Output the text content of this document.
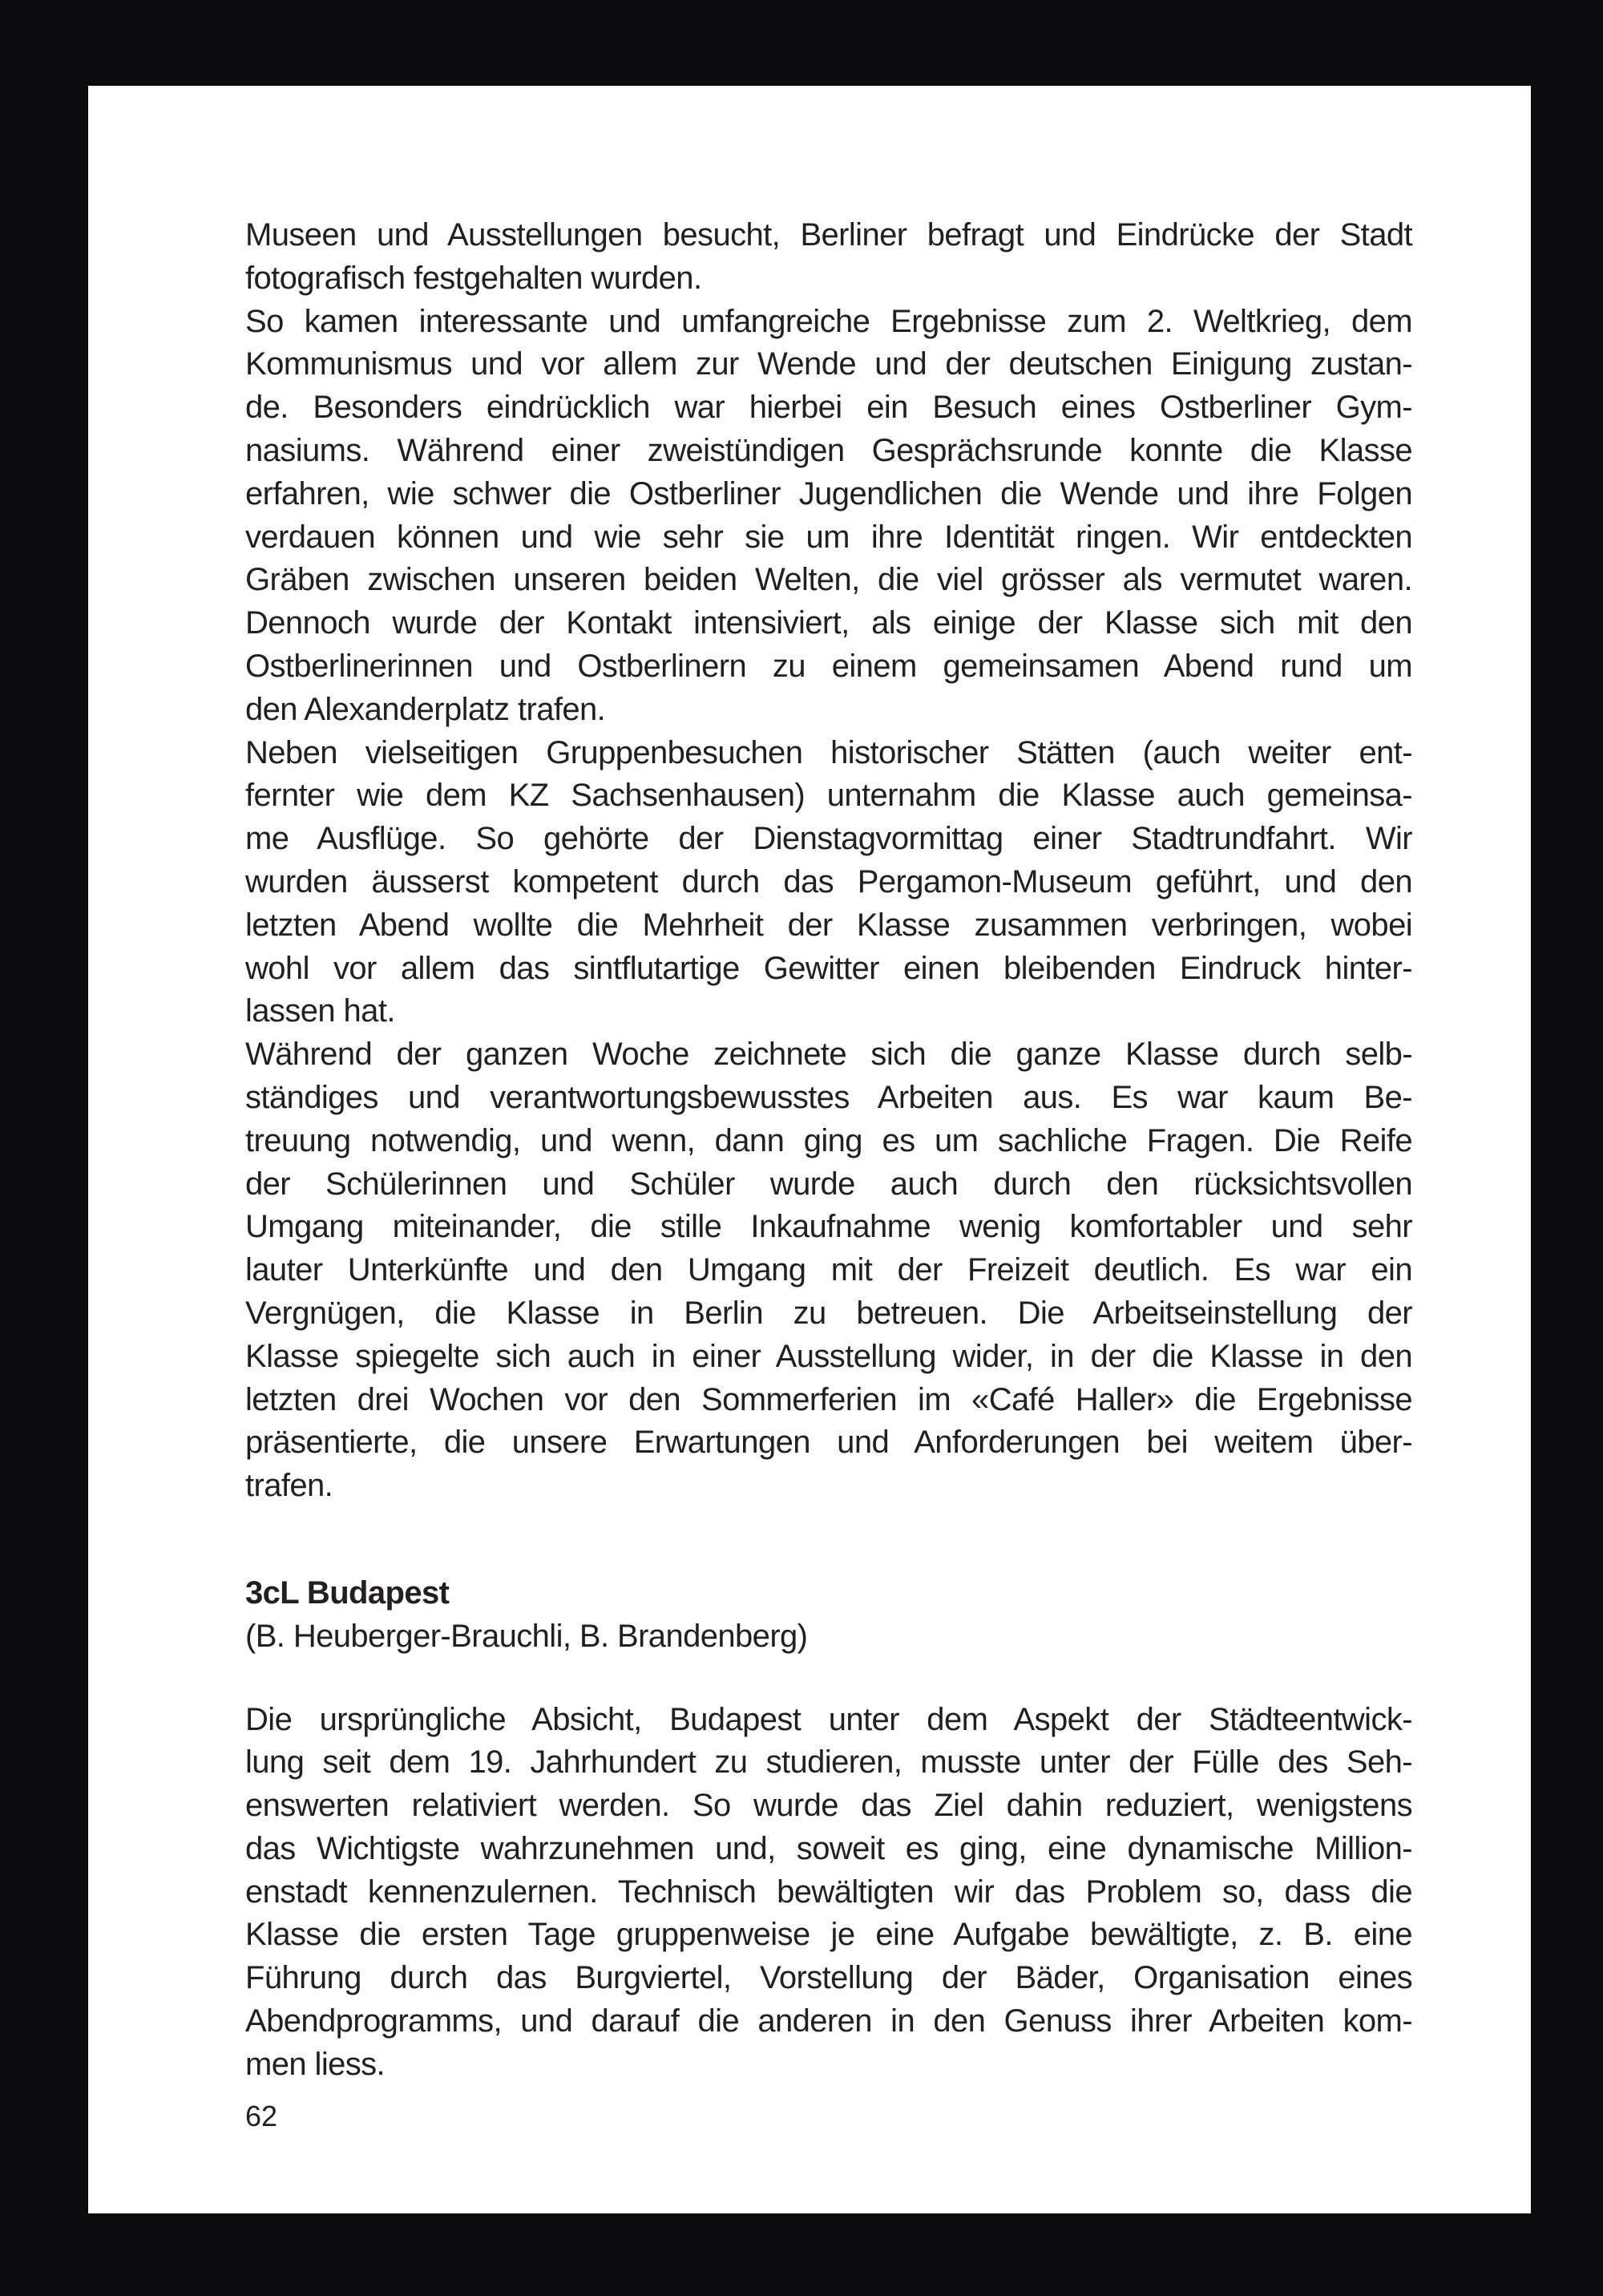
Museen und Ausstellungen besucht, Berliner befragt und Eindrücke der Stadt
fotografisch festgehalten wurden.
So kamen interessante und umfangreiche Ergebnisse zum 2. Weltkrieg, dem
Kommunismus und vor allem zur Wende und der deutschen Einigung zustan-
de. Besonders eindrücklich war hierbei ein Besuch eines Ostberliner Gym-
nasiums. Während einer zweistündigen Gesprächsrunde konnte die Klasse
erfahren, wie schwer die Ostberliner Jugendlichen die Wende und ihre Folgen
verdauen können und wie sehr sie um ihre Identität ringen. Wir entdeckten
Gräben zwischen unseren beiden Welten, die viel grösser als vermutet waren.
Dennoch wurde der Kontakt intensiviert, als einige der Klasse sich mit den
Ostberlinerinnen und Ostberlinern zu einem gemeinsamen Abend rund um
den Alexanderplatz trafen.
Neben vielseitigen Gruppenbesuchen historischer Stätten (auch weiter ent-
fernter wie dem KZ Sachsenhausen) unternahm die Klasse auch gemeinsa-
me Ausflüge. So gehörte der Dienstagvormittag einer Stadtrundfahrt. Wir
wurden äusserst kompetent durch das Pergamon-Museum geführt, und den
letzten Abend wollte die Mehrheit der Klasse zusammen verbringen, wobei
wohl vor allem das sintflutartige Gewitter einen bleibenden Eindruck hinter-
lassen hat.
Während der ganzen Woche zeichnete sich die ganze Klasse durch selb-
ständiges und verantwortungsbewusstes Arbeiten aus. Es war kaum Be-
treuung notwendig, und wenn, dann ging es um sachliche Fragen. Die Reife
der Schülerinnen und Schüler wurde auch durch den rücksichtsvollen
Umgang miteinander, die stille Inkaufnahme wenig komfortabler und sehr
lauter Unterkünfte und den Umgang mit der Freizeit deutlich. Es war ein
Vergnügen, die Klasse in Berlin zu betreuen. Die Arbeitseinstellung der
Klasse spiegelte sich auch in einer Ausstellung wider, in der die Klasse in den
letzten drei Wochen vor den Sommerferien im «Café Haller» die Ergebnisse
präsentierte, die unsere Erwartungen und Anforderungen bei weitem über-
trafen.
3cL Budapest
(B. Heuberger-Brauchli, B. Brandenberg)
Die ursprüngliche Absicht, Budapest unter dem Aspekt der Städteentwick-
lung seit dem 19. Jahrhundert zu studieren, musste unter der Fülle des Seh-
enswerten relativiert werden. So wurde das Ziel dahin reduziert, wenigstens
das Wichtigste wahrzunehmen und, soweit es ging, eine dynamische Million-
enstadt kennenzulernen. Technisch bewältigten wir das Problem so, dass die
Klasse die ersten Tage gruppenweise je eine Aufgabe bewältigte, z. B. eine
Führung durch das Burgviertel, Vorstellung der Bäder, Organisation eines
Abendprogramms, und darauf die anderen in den Genuss ihrer Arbeiten kom-
men liess.
62
